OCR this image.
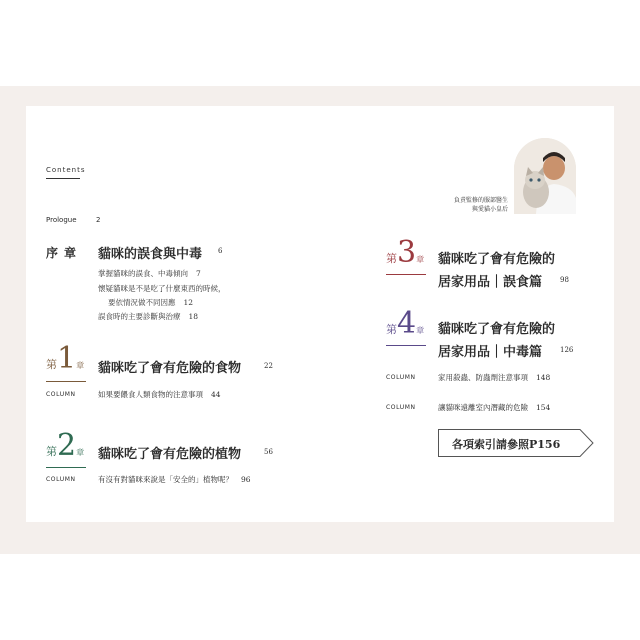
Contents
Prologue	2
序章 貓咪的誤食與中毒 6
掌握貓咪的誤食、中毒傾向 7
懷疑貓咪是不是吃了什麼東西的時候，
要依情況做不同因應 12
誤食時的主要診斷與治療 18
第1章 貓咪吃了會有危險的食物	22
COLUMN	如果要餵食人類食物的注意事項 44
第2章 貓咪吃了會有危險的植物	56
COLUMN	有沒有對貓咪來說是「安全的」植物呢？ 96
負責監修的服部醫生
與愛貓小皇后
第3章 貓咪吃了會有危險的
居家用品｜誤食篇	98
第4章 貓咪吃了會有危險的
居家用品｜中毒篇	126
COLUMN	家用殺蟲、防蟲劑注意事項 148
COLUMN	讓貓咪遠離室內潛藏的危險 154
各項索引請參照P156
